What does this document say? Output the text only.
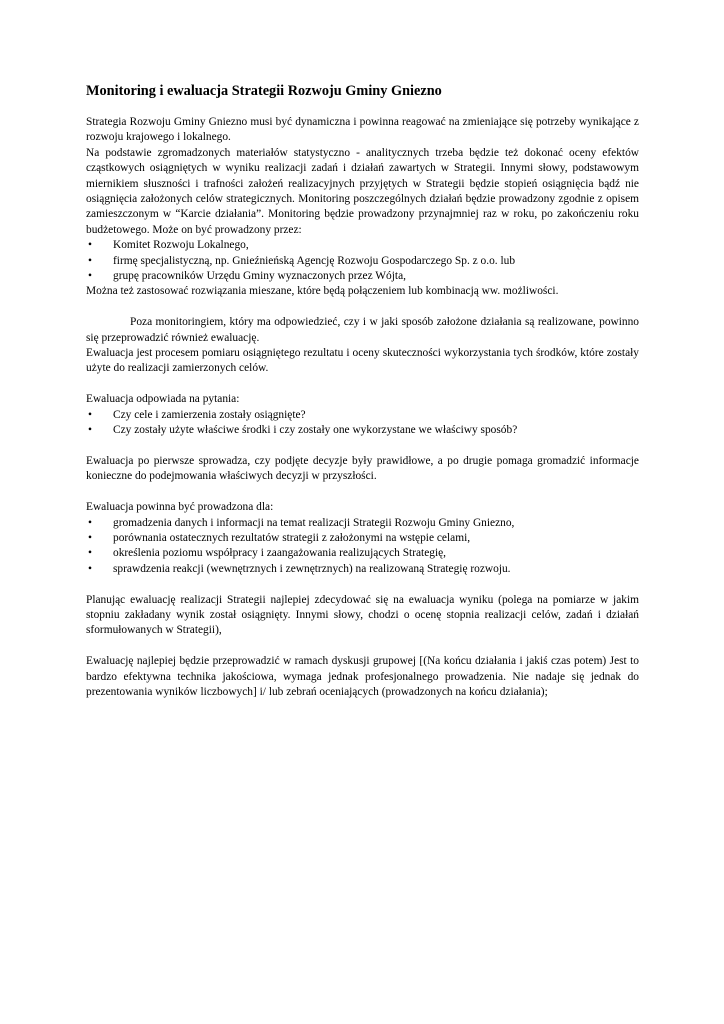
Monitoring i ewaluacja Strategii Rozwoju Gminy Gniezno

Strategia Rozwoju Gminy Gniezno musi być dynamiczna i powinna reagować na zmieniające się potrzeby wynikające z rozwoju krajowego i lokalnego.

Na podstawie zgromadzonych materiałów statystyczno - analitycznych trzeba będzie też dokonać oceny efektów cząstkowych osiągniętych w wyniku realizacji zadań i działań zawartych w Strategii. Innymi słowy, podstawowym miernikiem słuszności i trafności założeń realizacyjnych przyjętych w Strategii będzie stopień osiągnięcia bądź nie osiągnięcia założonych celów strategicznych. Monitoring poszczególnych działań będzie prowadzony zgodnie z opisem zamieszczonym w “Karcie działania”. Monitoring będzie prowadzony przynajmniej raz w roku, po zakończeniu roku budżetowego. Może on być prowadzony przez:

• Komitet Rozwoju Lokalnego,
• firmę specjalistyczną, np. Gnieźnieńską Agencję Rozwoju Gospodarczego Sp. z o.o. lub
• grupę pracowników Urzędu Gminy wyznaczonych przez Wójta,

Można też zastosować rozwiązania mieszane, które będą połączeniem lub kombinacją ww. możliwości.

Poza monitoringiem, który ma odpowiedzieć, czy i w jaki sposób założone działania są realizowane, powinno się przeprowadzić również ewaluację.

Ewaluacja jest procesem pomiaru osiągniętego rezultatu i oceny skuteczności wykorzystania tych środków, które zostały użyte do realizacji zamierzonych celów.

Ewaluacja odpowiada na pytania:

• Czy cele i zamierzenia zostały osiągnięte?
• Czy zostały użyte właściwe środki i czy zostały one wykorzystane we właściwy sposób?

Ewaluacja po pierwsze sprowadza, czy podjęte decyzje były prawidłowe, a po drugie pomaga gromadzić informacje konieczne do podejmowania właściwych decyzji w przyszłości.

Ewaluacja powinna być prowadzona dla:

• gromadzenia danych i informacji na temat realizacji Strategii Rozwoju Gminy Gniezno,
• porównania ostatecznych rezultatów strategii z założonymi na wstępie celami,
• określenia poziomu współpracy i zaangażowania realizujących Strategię,
• sprawdzenia reakcji (wewnętrznych i zewnętrznych) na realizowaną Strategię rozwoju.

Planując ewaluację realizacji Strategii najlepiej zdecydować się na ewaluacja wyniku (polega na pomiarze w jakim stopniu zakładany wynik został osiągnięty. Innymi słowy, chodzi o ocenę stopnia realizacji celów, zadań i działań sformułowanych w Strategii),

Ewaluację najlepiej będzie przeprowadzić w ramach dyskusji grupowej [(Na końcu działania i jakiś czas potem) Jest to bardzo efektywna technika jakościowa, wymaga jednak profesjonalnego prowadzenia. Nie nadaje się jednak do prezentowania wyników liczbowych] i/ lub zebrań oceniających (prowadzonych na końcu działania);
